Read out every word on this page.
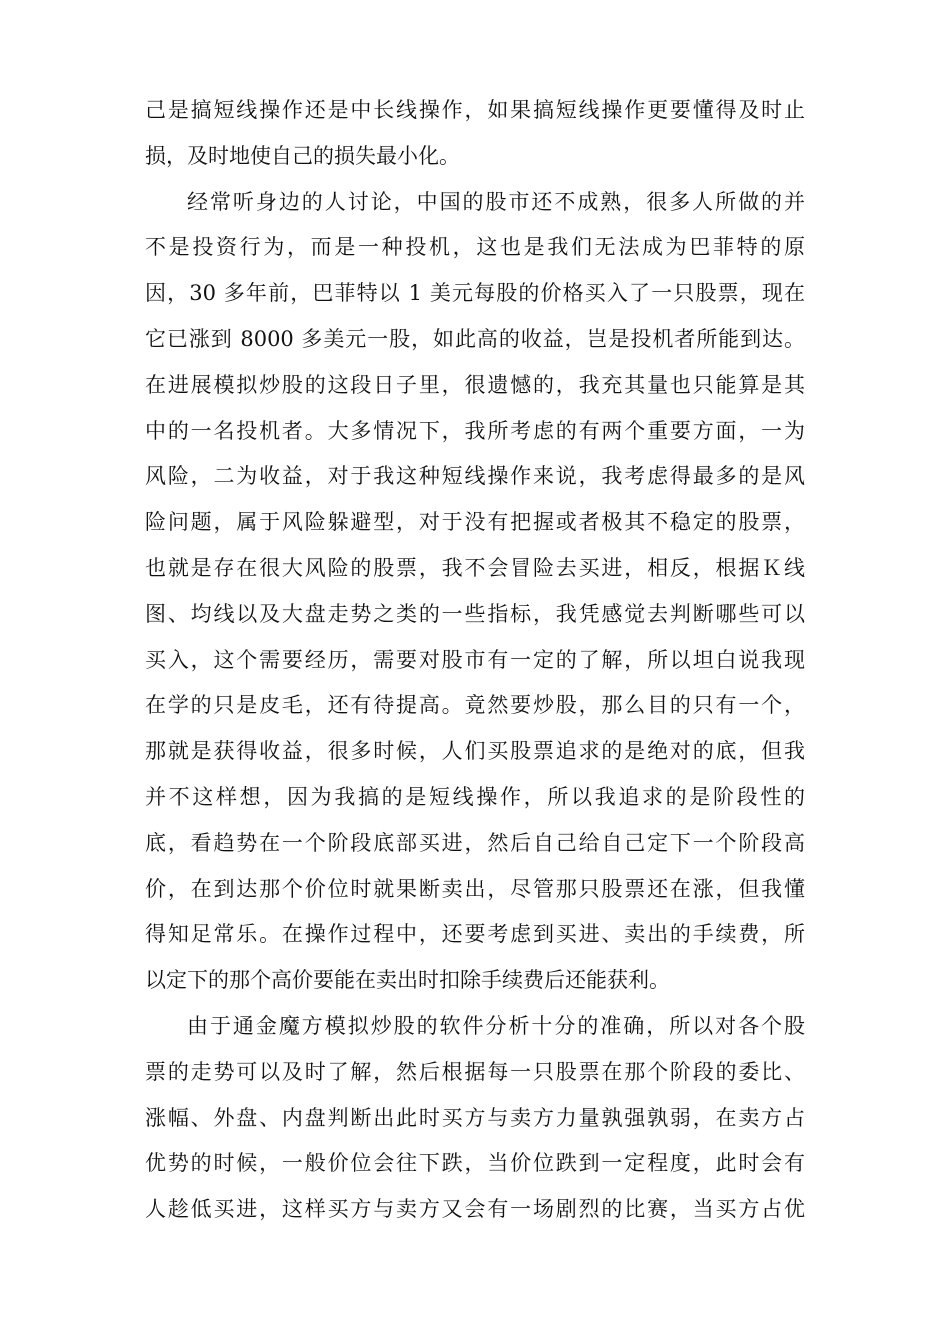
己是搞短线操作还是中长线操作，如果搞短线操作更要懂得及时止
损，及时地使自己的损失最小化。
经常听身边的人讨论，中国的股市还不成熟，很多人所做的并
不是投资行为，而是一种投机，这也是我们无法成为巴菲特的原
因，30 多年前，巴菲特以 1 美元每股的价格买入了一只股票，现在
它已涨到 8000 多美元一股，如此高的收益，岂是投机者所能到达。
在进展模拟炒股的这段日子里，很遗憾的，我充其量也只能算是其
中的一名投机者。大多情况下，我所考虑的有两个重要方面，一为
风险，二为收益，对于我这种短线操作来说，我考虑得最多的是风
险问题，属于风险躲避型，对于没有把握或者极其不稳定的股票，
也就是存在很大风险的股票，我不会冒险去买进，相反，根据Ｋ线
图、均线以及大盘走势之类的一些指标，我凭感觉去判断哪些可以
买入，这个需要经历，需要对股市有一定的了解，所以坦白说我现
在学的只是皮毛，还有待提高。竟然要炒股，那么目的只有一个，
那就是获得收益，很多时候，人们买股票追求的是绝对的底，但我
并不这样想，因为我搞的是短线操作，所以我追求的是阶段性的
底，看趋势在一个阶段底部买进，然后自己给自己定下一个阶段高
价，在到达那个价位时就果断卖出，尽管那只股票还在涨，但我懂
得知足常乐。在操作过程中，还要考虑到买进、卖出的手续费，所
以定下的那个高价要能在卖出时扣除手续费后还能获利。
由于通金魔方模拟炒股的软件分析十分的准确，所以对各个股
票的走势可以及时了解，然后根据每一只股票在那个阶段的委比、
涨幅、外盘、内盘判断出此时买方与卖方力量孰强孰弱，在卖方占
优势的时候，一般价位会往下跌，当价位跌到一定程度，此时会有
人趁低买进，这样买方与卖方又会有一场剧烈的比赛，当买方占优
